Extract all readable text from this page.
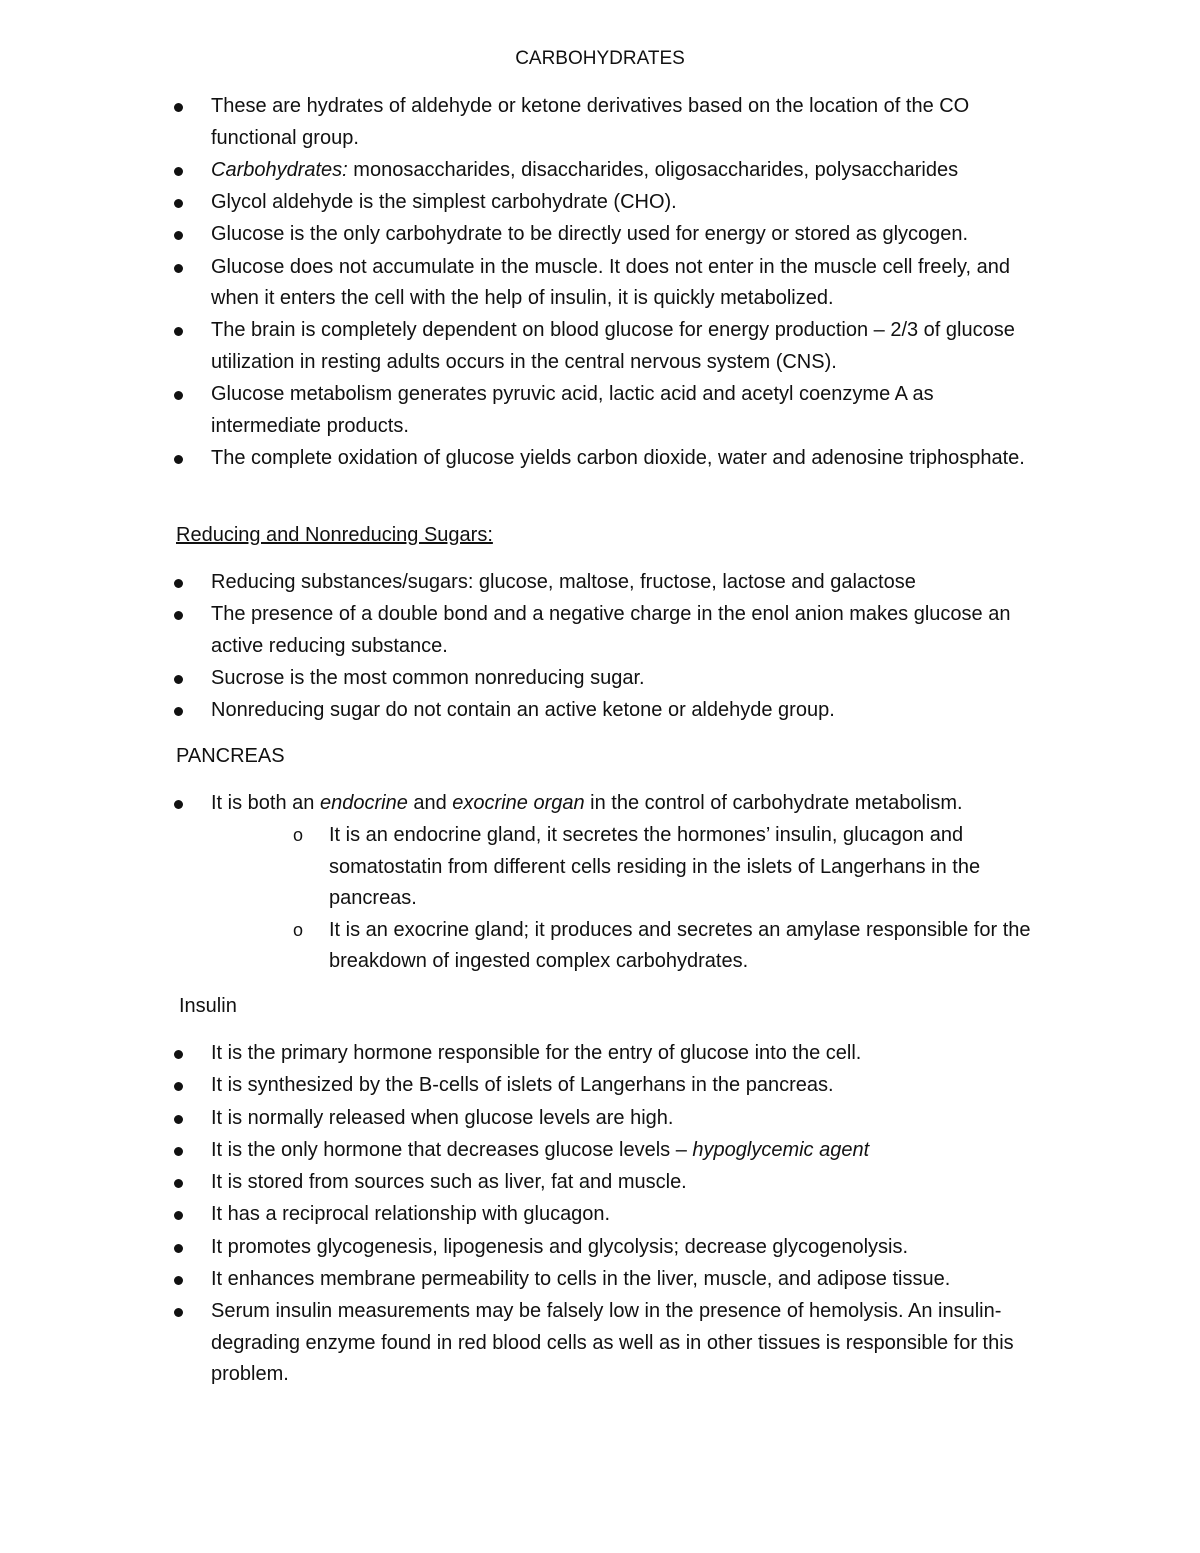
CARBOHYDRATES
These are hydrates of aldehyde or ketone derivatives based on the location of the CO functional group.
Carbohydrates: monosaccharides, disaccharides, oligosaccharides, polysaccharides
Glycol aldehyde is the simplest carbohydrate (CHO).
Glucose is the only carbohydrate to be directly used for energy or stored as glycogen.
Glucose does not accumulate in the muscle. It does not enter in the muscle cell freely, and when it enters the cell with the help of insulin, it is quickly metabolized.
The brain is completely dependent on blood glucose for energy production – 2/3 of glucose utilization in resting adults occurs in the central nervous system (CNS).
Glucose metabolism generates pyruvic acid, lactic acid and acetyl coenzyme A as intermediate products.
The complete oxidation of glucose yields carbon dioxide, water and adenosine triphosphate.
Reducing and Nonreducing Sugars:
Reducing substances/sugars: glucose, maltose, fructose, lactose and galactose
The presence of a double bond and a negative charge in the enol anion makes glucose an active reducing substance.
Sucrose is the most common nonreducing sugar.
Nonreducing sugar do not contain an active ketone or aldehyde group.
PANCREAS
It is both an endocrine and exocrine organ in the control of carbohydrate metabolism.
o It is an endocrine gland, it secretes the hormones’ insulin, glucagon and somatostatin from different cells residing in the islets of Langerhans in the pancreas.
o It is an exocrine gland; it produces and secretes an amylase responsible for the breakdown of ingested complex carbohydrates.
Insulin
It is the primary hormone responsible for the entry of glucose into the cell.
It is synthesized by the B-cells of islets of Langerhans in the pancreas.
It is normally released when glucose levels are high.
It is the only hormone that decreases glucose levels – hypoglycemic agent
It is stored from sources such as liver, fat and muscle.
It has a reciprocal relationship with glucagon.
It promotes glycogenesis, lipogenesis and glycolysis; decrease glycogenolysis.
It enhances membrane permeability to cells in the liver, muscle, and adipose tissue.
Serum insulin measurements may be falsely low in the presence of hemolysis. An insulin-degrading enzyme found in red blood cells as well as in other tissues is responsible for this problem.
